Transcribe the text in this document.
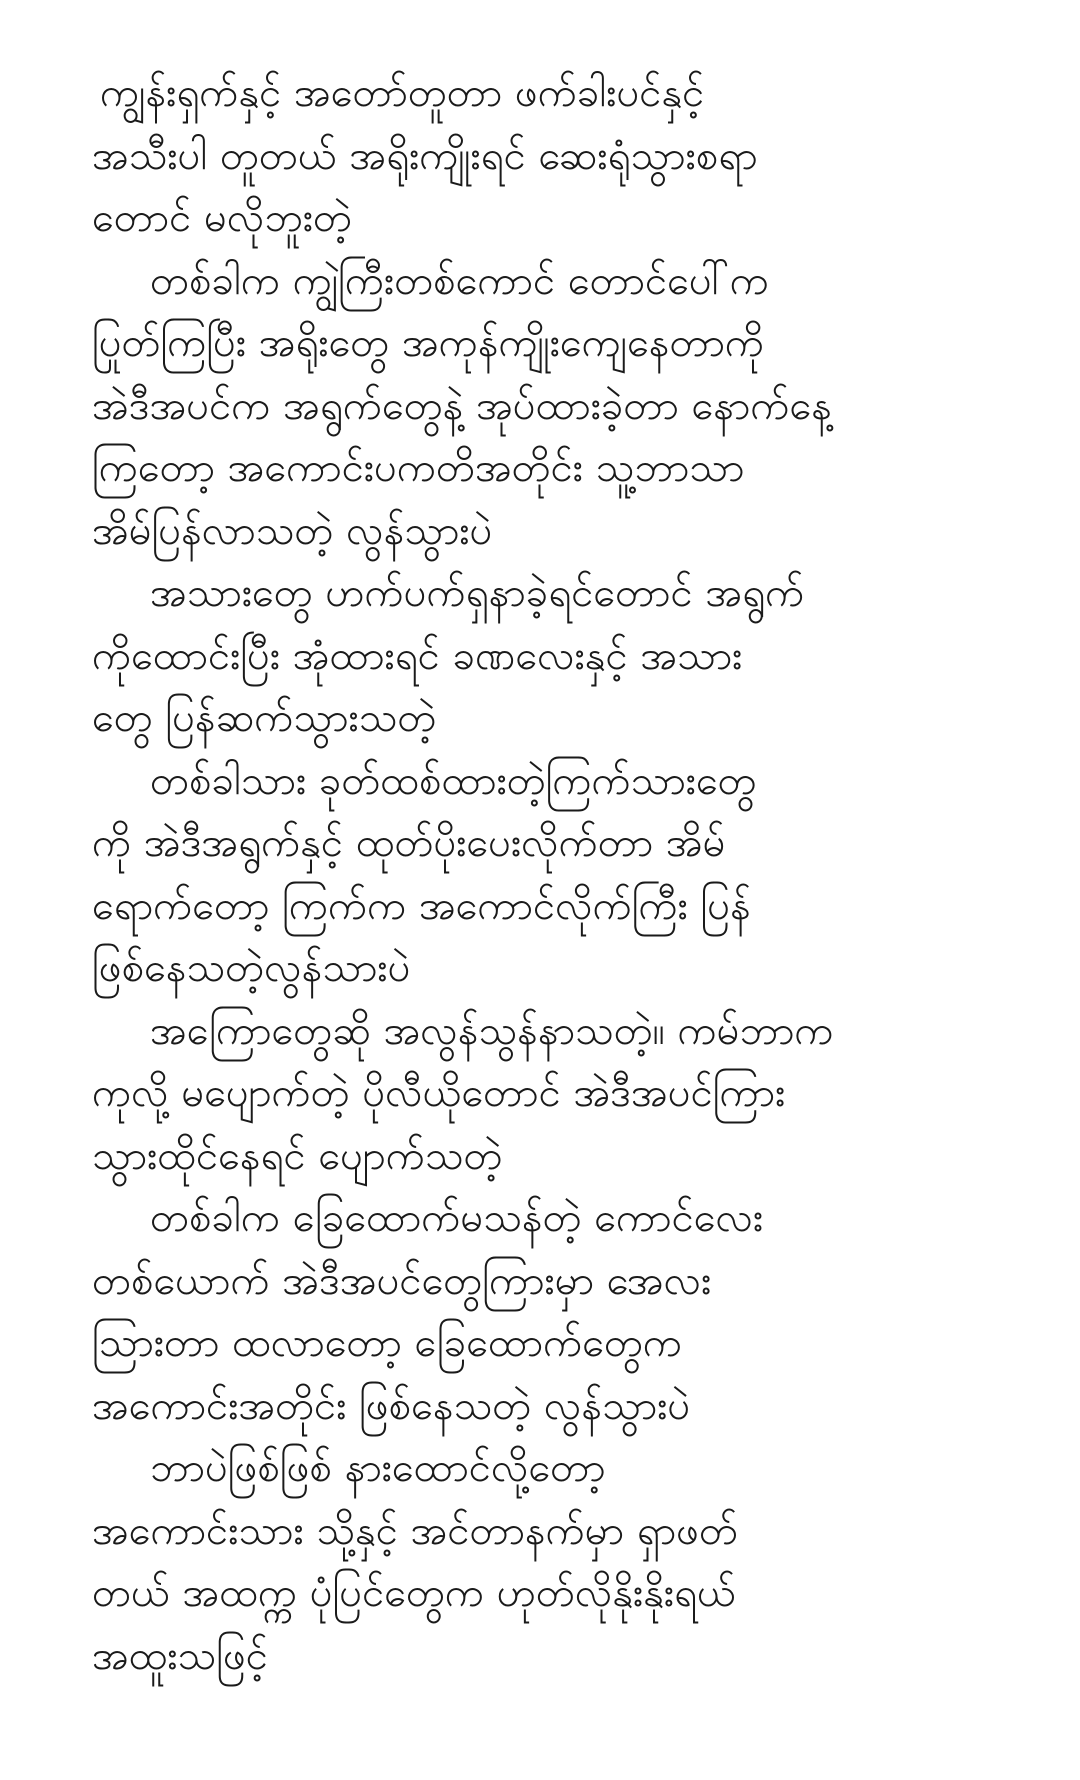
ကျွန်းရှက်နှင့် အတော်တူတာ ဖက်ခါးပင်နှင့်
အသီးပါ တူတယ် အရိုးကျိုးရင် ဆေးရုံသွားစရာ
တောင် မလိုဘူးတဲ့
တစ်ခါက ကျွဲကြီးတစ်ကောင် တောင်ပေါ်က
ပြုတ်ကြပြီး အရိုးတွေ အကုန်ကျိုးကျေနေတာကို
အဲဒီအပင်က အရွက်တွေနဲ့ အုပ်ထားခဲ့တာ နောက်နေ့
ကြတော့ အကောင်းပကတိအတိုင်း သူ့ဘာသာ
အိမ်ပြန်လာသတဲ့ လွန်သွားပဲ
အသားတွေ ဟက်ပက်ရှနာခဲ့ရင်တောင် အရွက်
ကိုထောင်းပြီး အုံထားရင် ခဏလေးနှင့် အသား
တွေ ပြန်ဆက်သွားသတဲ့
တစ်ခါသား ခုတ်ထစ်ထားတဲ့ကြက်သားတွေ
ကို အဲဒီအရွက်နှင့် ထုတ်ပိုးပေးလိုက်တာ အိမ်
ရောက်တော့ ကြက်က အကောင်လိုက်ကြီး ပြန်
ဖြစ်နေသတဲ့လွန်သားပဲ
အကြောတွေဆို အလွန်သွန်နာသတဲ့။ ကမ်ဘာက
ကုလို့ မပျောက်တဲ့ ပိုလီယိုတောင် အဲဒီအပင်ကြား
သွားထိုင်နေရင် ပျောက်သတဲ့
တစ်ခါက ခြေထောက်မသန်တဲ့ ကောင်လေး
တစ်ယောက် အဲဒီအပင်တွေကြားမှာ အေလး
သြားတာ ထလာတော့ ခြေထောက်တွေက
အကောင်းအတိုင်း ဖြစ်နေသတဲ့ လွန်သွားပဲ
ဘာပဲဖြစ်ဖြစ် နားထောင်လို့တော့
အကောင်းသား သို့နှင့် အင်တာနက်မှာ ရှာဖတ်
တယ် အထက္က ပုံပြင်တွေက ဟုတ်လိုနိုးနိုးရယ်
အထူးသဖြင့်
